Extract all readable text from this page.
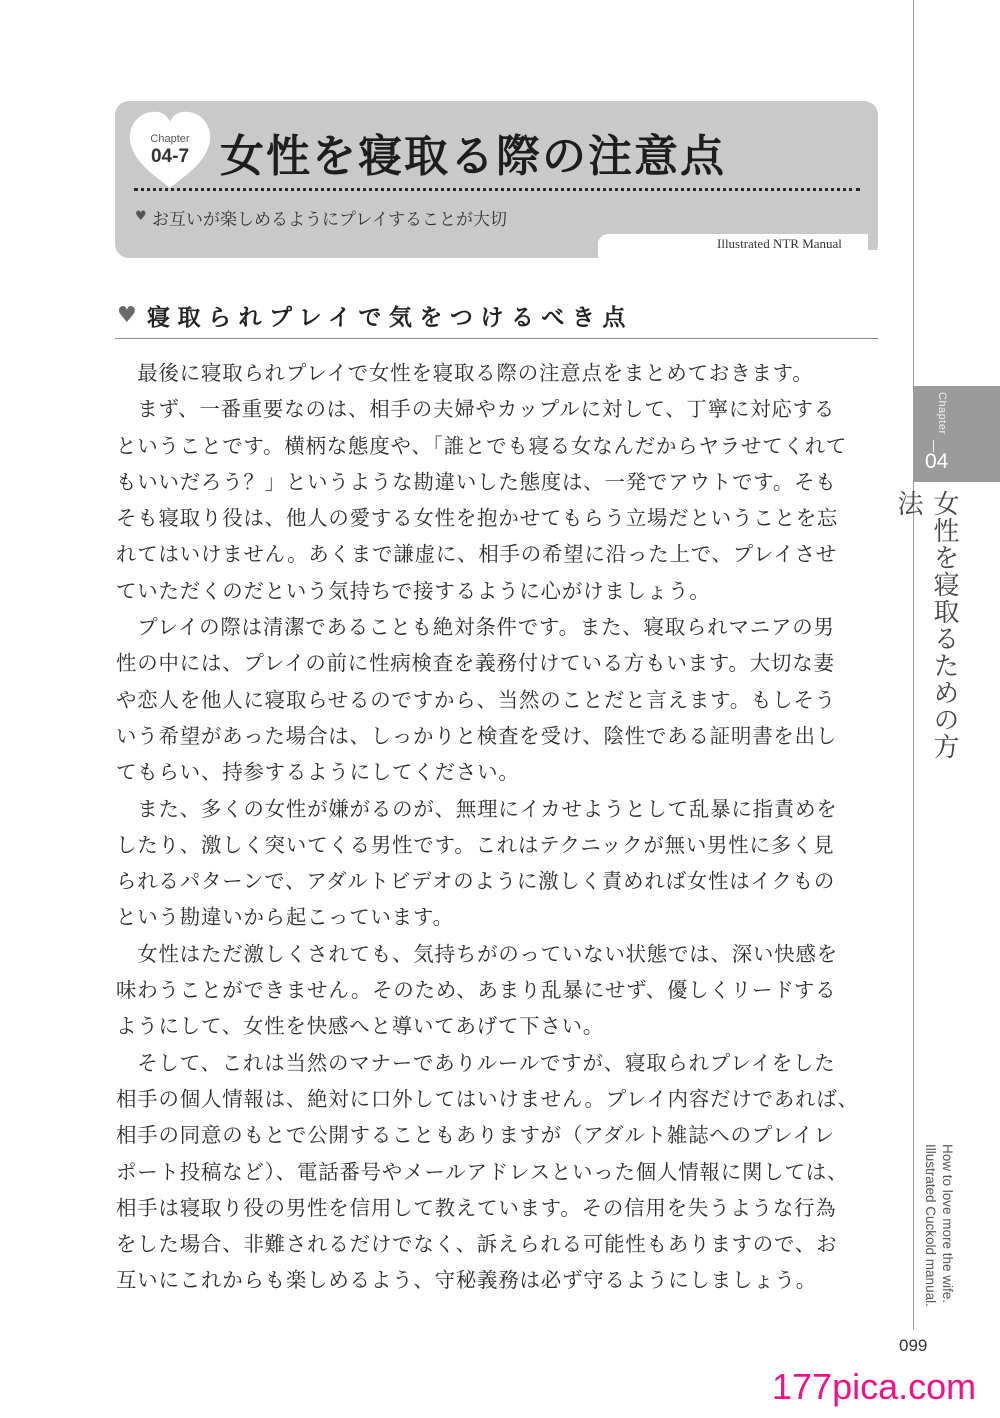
Chapter
04
女性を寝取るための方法
How to love more the wife.
Illustrated Cuckold manual.
099
177pica.com
Illustrated NTR Manual
Chapter
04-7 女性を寝取る際の注意点
♥ お互いが楽しめるようにプレイすることが大切
♥ 寝取られプレイで気をつけるべき点
　最後に寝取られプレイで女性を寝取る際の注意点をまとめておきます。
　まず、一番重要なのは、相手の夫婦やカップルに対して、丁寧に対応する
ということです。横柄な態度や、「誰とでも寝る女なんだからヤラせてくれて
もいいだろう？」というような勘違いした態度は、一発でアウトです。そも
そも寝取り役は、他人の愛する女性を抱かせてもらう立場だということを忘
れてはいけません。あくまで謙虚に、相手の希望に沿った上で、プレイさせ
ていただくのだという気持ちで接するように心がけましょう。
　プレイの際は清潔であることも絶対条件です。また、寝取られマニアの男
性の中には、プレイの前に性病検査を義務付けている方もいます。大切な妻
や恋人を他人に寝取らせるのですから、当然のことだと言えます。もしそう
いう希望があった場合は、しっかりと検査を受け、陰性である証明書を出し
てもらい、持参するようにしてください。
　また、多くの女性が嫌がるのが、無理にイカせようとして乱暴に指責めを
したり、激しく突いてくる男性です。これはテクニックが無い男性に多く見
られるパターンで、アダルトビデオのように激しく責めれば女性はイクもの
という勘違いから起こっています。
　女性はただ激しくされても、気持ちがのっていない状態では、深い快感を
味わうことができません。そのため、あまり乱暴にせず、優しくリードする
ようにして、女性を快感へと導いてあげて下さい。
　そして、これは当然のマナーでありルールですが、寝取られプレイをした
相手の個人情報は、絶対に口外してはいけません。プレイ内容だけであれば、
相手の同意のもとで公開することもありますが（アダルト雑誌へのプレイレ
ポート投稿など）、電話番号やメールアドレスといった個人情報に関しては、
相手は寝取り役の男性を信用して教えています。その信用を失うような行為
をした場合、非難されるだけでなく、訴えられる可能性もありますので、お
互いにこれからも楽しめるよう、守秘義務は必ず守るようにしましょう。
